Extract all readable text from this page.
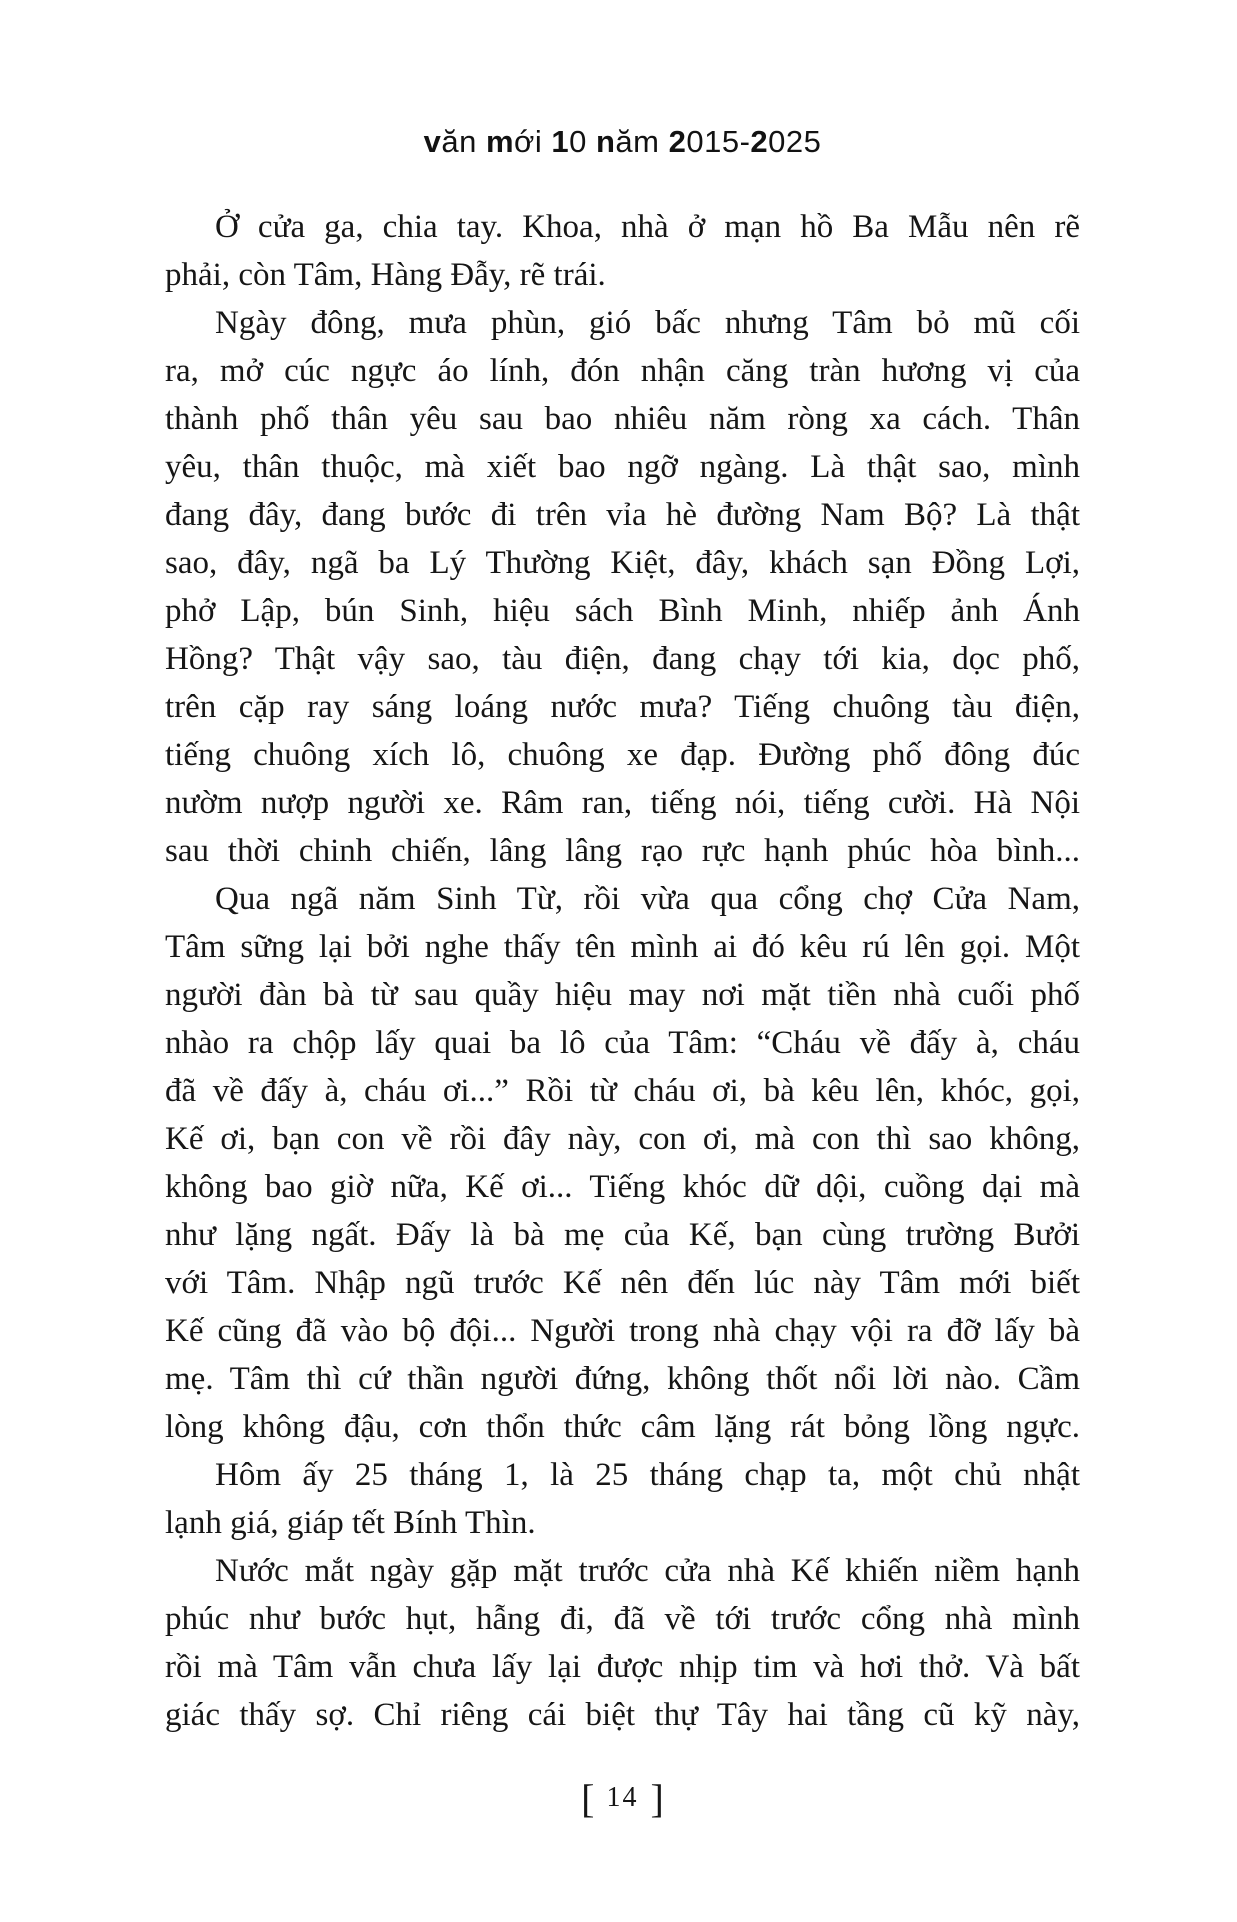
văn mới 10 năm 2015-2025
Ở cửa ga, chia tay. Khoa, nhà ở mạn hồ Ba Mẫu nên rẽ
phải, còn Tâm, Hàng Đẫy, rẽ trái.
Ngày đông, mưa phùn, gió bấc nhưng Tâm bỏ mũ cối
ra, mở cúc ngực áo lính, đón nhận căng tràn hương vị của
thành phố thân yêu sau bao nhiêu năm ròng xa cách. Thân
yêu, thân thuộc, mà xiết bao ngỡ ngàng. Là thật sao, mình
đang đây, đang bước đi trên vỉa hè đường Nam Bộ? Là thật
sao, đây, ngã ba Lý Thường Kiệt, đây, khách sạn Đồng Lợi,
phở Lập, bún Sinh, hiệu sách Bình Minh, nhiếp ảnh Ánh
Hồng? Thật vậy sao, tàu điện, đang chạy tới kia, dọc phố,
trên cặp ray sáng loáng nước mưa? Tiếng chuông tàu điện,
tiếng chuông xích lô, chuông xe đạp. Đường phố đông đúc
nườm nượp người xe. Râm ran, tiếng nói, tiếng cười. Hà Nội
sau thời chinh chiến, lâng lâng rạo rực hạnh phúc hòa bình...
Qua ngã năm Sinh Từ, rồi vừa qua cổng chợ Cửa Nam,
Tâm sững lại bởi nghe thấy tên mình ai đó kêu rú lên gọi. Một
người đàn bà từ sau quầy hiệu may nơi mặt tiền nhà cuối phố
nhào ra chộp lấy quai ba lô của Tâm: “Cháu về đấy à, cháu
đã về đấy à, cháu ơi...” Rồi từ cháu ơi, bà kêu lên, khóc, gọi,
Kế ơi, bạn con về rồi đây này, con ơi, mà con thì sao không,
không bao giờ nữa, Kế ơi... Tiếng khóc dữ dội, cuồng dại mà
như lặng ngất. Đấy là bà mẹ của Kế, bạn cùng trường Bưởi
với Tâm. Nhập ngũ trước Kế nên đến lúc này Tâm mới biết
Kế cũng đã vào bộ đội... Người trong nhà chạy vội ra đỡ lấy bà
mẹ. Tâm thì cứ thần người đứng, không thốt nổi lời nào. Cầm
lòng không đậu, cơn thổn thức câm lặng rát bỏng lồng ngực.
Hôm ấy 25 tháng 1, là 25 tháng chạp ta, một chủ nhật
lạnh giá, giáp tết Bính Thìn.
Nước mắt ngày gặp mặt trước cửa nhà Kế khiến niềm hạnh
phúc như bước hụt, hẫng đi, đã về tới trước cổng nhà mình
rồi mà Tâm vẫn chưa lấy lại được nhịp tim và hơi thở. Và bất
giác thấy sợ. Chỉ riêng cái biệt thự Tây hai tầng cũ kỹ này,
[ 14 ]
